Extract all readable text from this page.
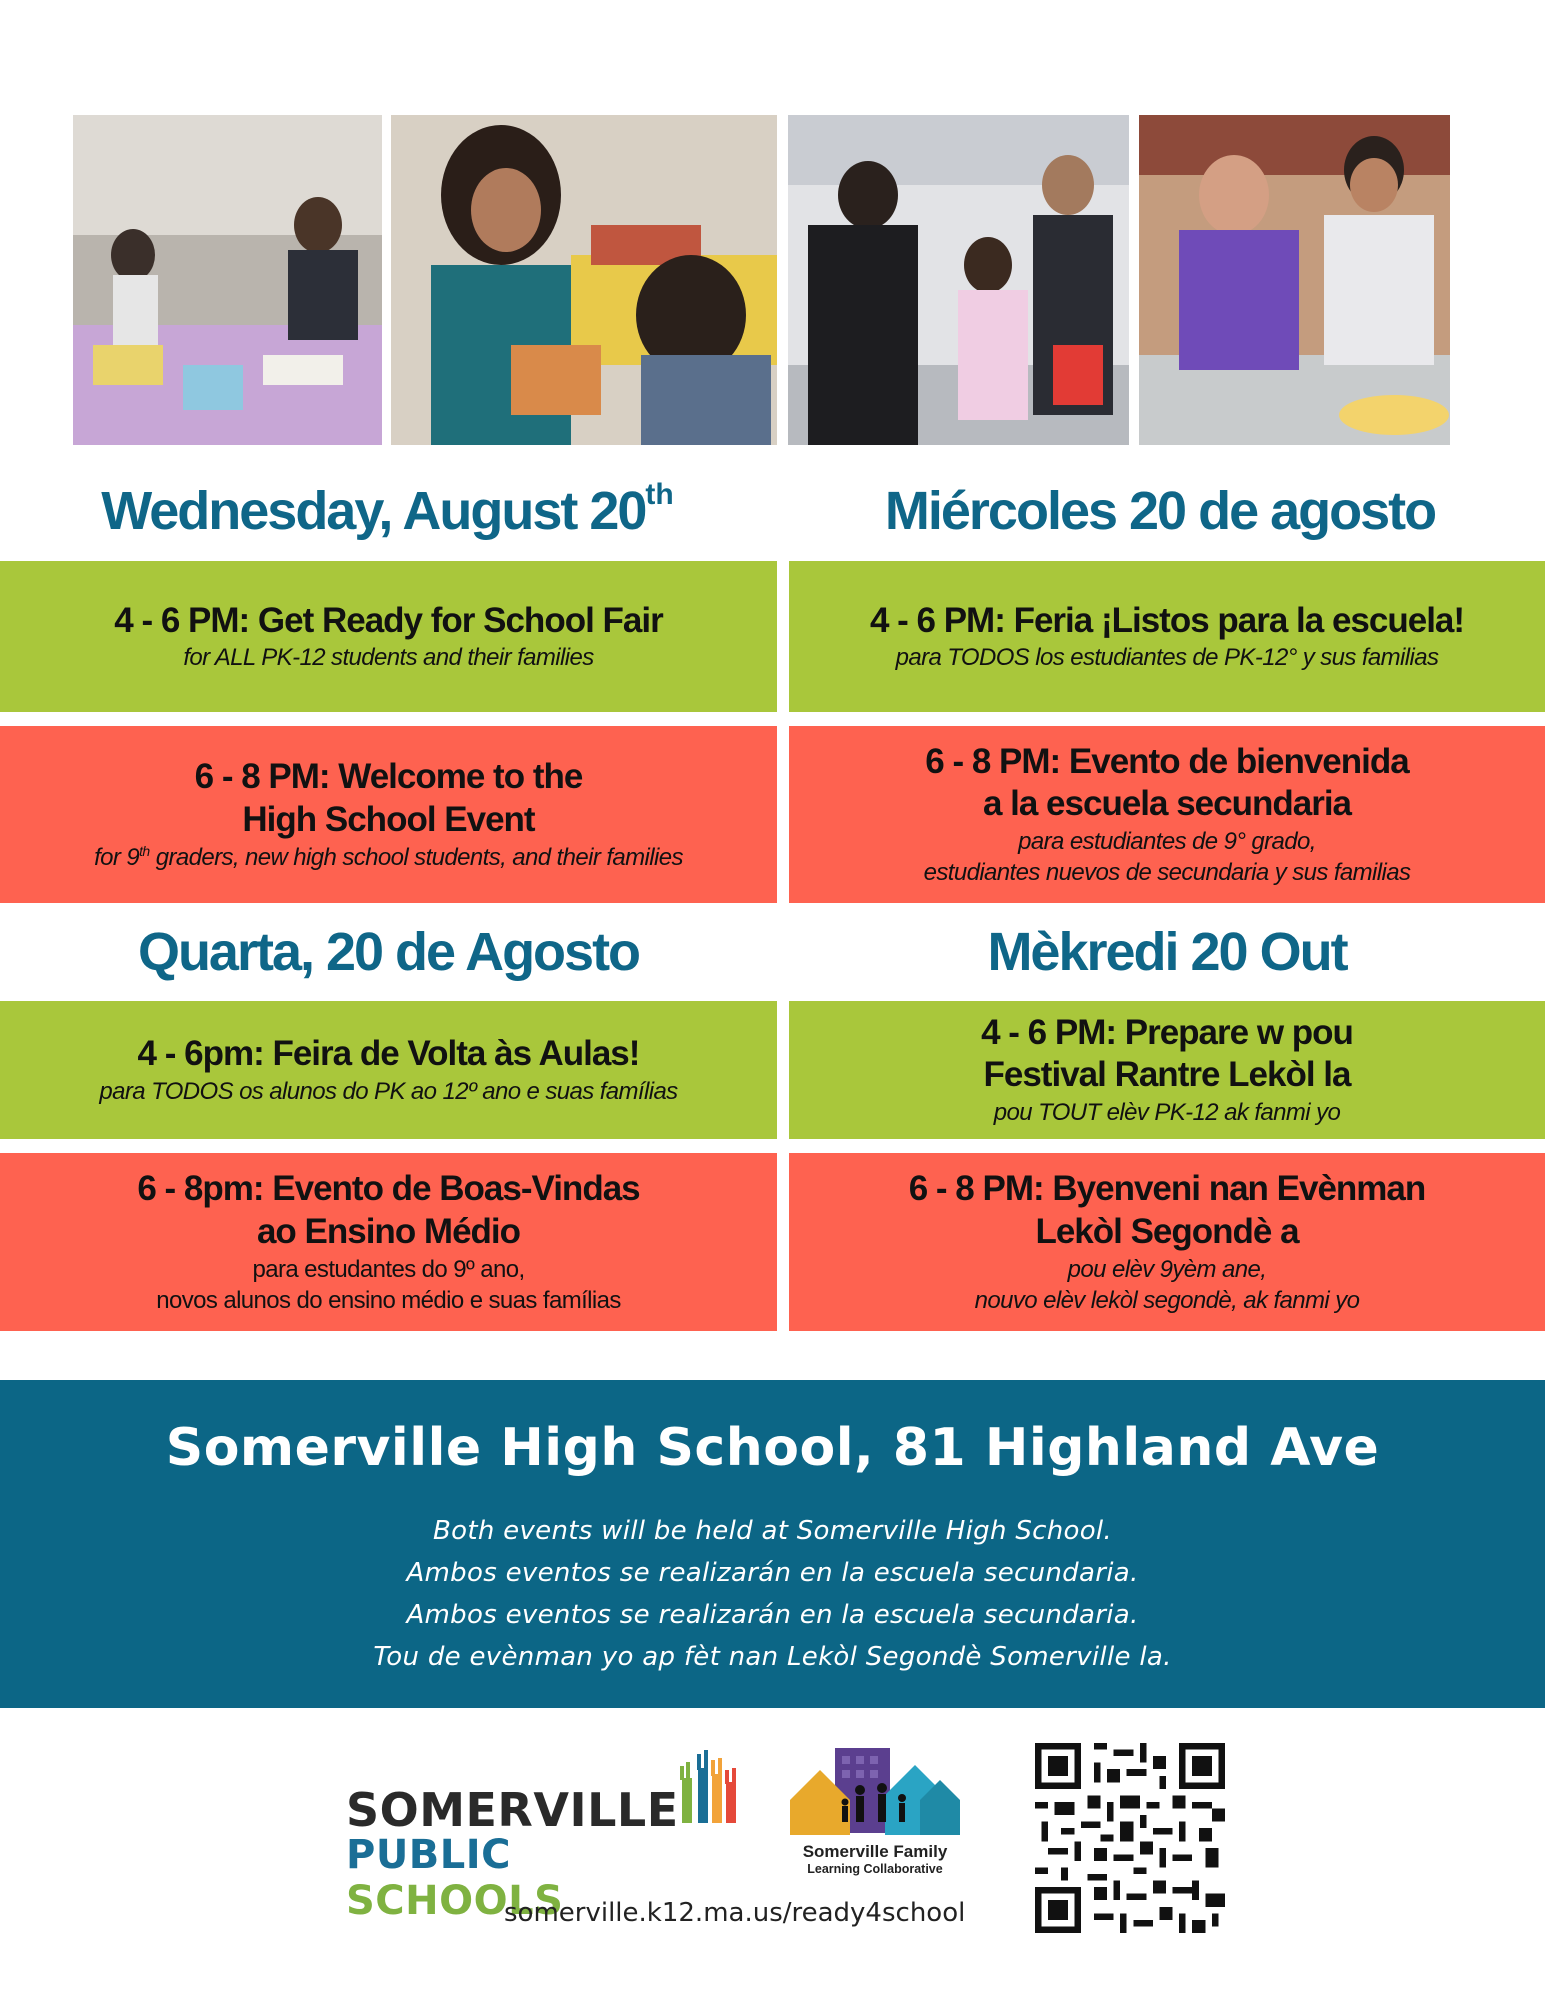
Wednesday, August 20th
4 - 6 PM: Get Ready for School Fair
for ALL PK-12 students and their families
6 - 8 PM: Welcome to the
High School Event
for 9th graders, new high school students, and their families
Miércoles 20 de agosto
4 - 6 PM: Feria ¡Listos para la escuela!
para TODOS los estudiantes de PK-12° y sus familias
6 - 8 PM: Evento de bienvenida
a la escuela secundaria
para estudiantes de 9° grado,
estudiantes nuevos de secundaria y sus familias
Quarta, 20 de Agosto
4 - 6pm: Feira de Volta às Aulas!
para TODOS os alunos do PK ao 12º ano e suas famílias
6 - 8pm: Evento de Boas-Vindas
ao Ensino Médio
para estudantes do 9º ano,
novos alunos do ensino médio e suas famílias
Mèkredi 20 Out
4 - 6 PM: Prepare w pou
Festival Rantre Lekòl la
pou TOUT elèv PK-12 ak fanmi yo
6 - 8 PM: Byenveni nan Evènman
Lekòl Segondè a
pou elèv 9yèm ane,
nouvo elèv lekòl segondè, ak fanmi yo
Somerville High School, 81 Highland Ave
Both events will be held at Somerville High School.
Ambos eventos se realizarán en la escuela secundaria.
Ambos eventos se realizarán en la escuela secundaria.
Tou de evènman yo ap fèt nan Lekòl Segondè Somerville la.
SOMERVILLE
PUBLIC SCHOOLS
Somerville Family
Learning Collaborative
somerville.k12.ma.us/ready4school
